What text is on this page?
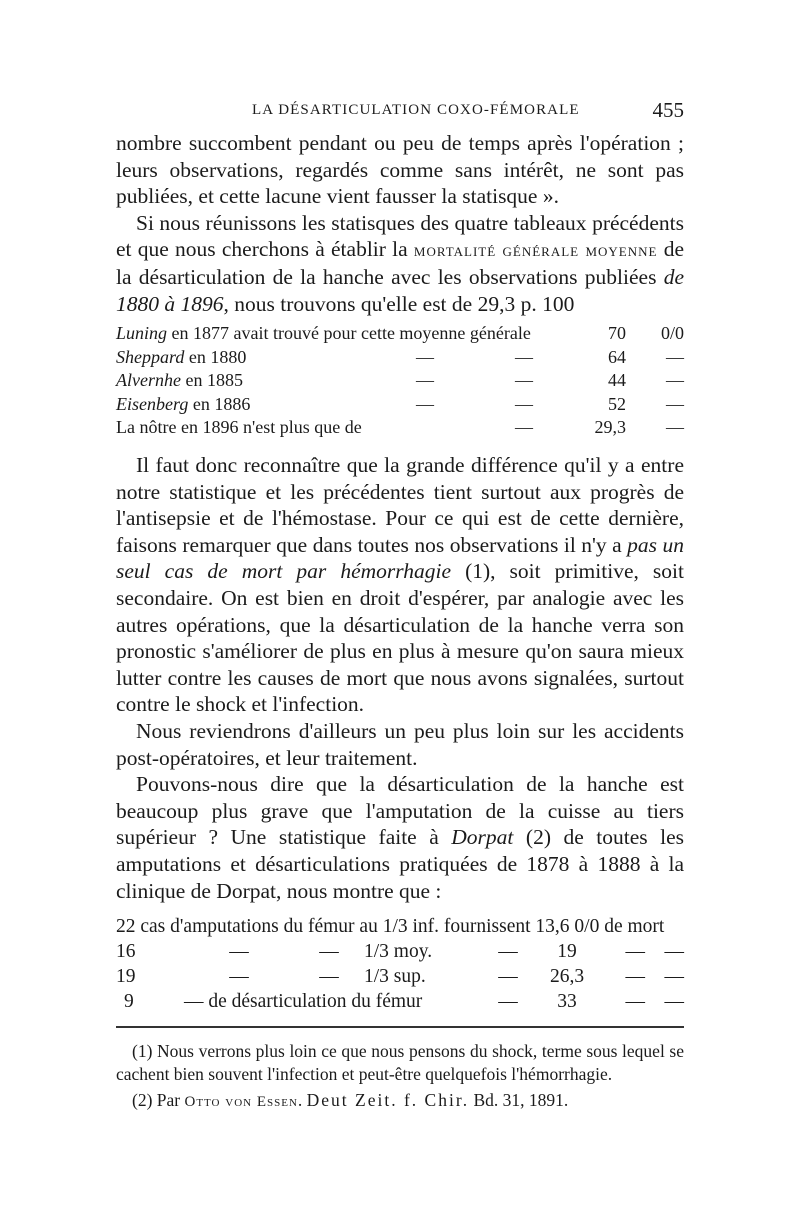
LA DÉSARTICULATION COXO-FÉMORALE	455

nombre succombent pendant ou peu de temps après l'opération ; leurs observations, regardés comme sans intérêt, ne sont pas publiées, et cette lacune vient fausser la statisque ».

Si nous réunissons les statisques des quatre tableaux précédents et que nous cherchons à établir la mortalité générale moyenne de la désarticulation de la hanche avec les observations publiées de 1880 à 1896, nous trouvons qu'elle est de 29,3 p. 100

Luning en 1877 avait trouvé pour cette moyenne générale			70	0/0
Sheppard en 1880	—	—	64	—
Alvernhe en 1885	—	—	44	—
Eisenberg en 1886	—	—	52	—
La nôtre en 1896 n'est plus que de		—	29,3	—

Il faut donc reconnaître que la grande différence qu'il y a entre notre statistique et les précédentes tient surtout aux progrès de l'antisepsie et de l'hémostase. Pour ce qui est de cette dernière, faisons remarquer que dans toutes nos observations il n'y a pas un seul cas de mort par hémorrhagie (1), soit primitive, soit secondaire. On est bien en droit d'espérer, par analogie avec les autres opérations, que la désarticulation de la hanche verra son pronostic s'améliorer de plus en plus à mesure qu'on saura mieux lutter contre les causes de mort que nous avons signalées, surtout contre le shock et l'infection.

Nous reviendrons d'ailleurs un peu plus loin sur les accidents post-opératoires, et leur traitement.

Pouvons-nous dire que la désarticulation de la hanche est beaucoup plus grave que l'amputation de la cuisse au tiers supérieur ? Une statistique faite à Dorpat (2) de toutes les amputations et désarticulations pratiquées de 1878 à 1888 à la clinique de Dorpat, nous montre que :

22 cas d'amputations du fémur au 1/3 inf. fournissent 13,6 0/0 de mort						
16	—	—	1/3 moy.	—	19	— —
19	—	—	1/3 sup.	—	26,3	— —
9	— de désarticulation du fémur			—	33	— —

(1) Nous verrons plus loin ce que nous pensons du shock, terme sous lequel se cachent bien souvent l'infection et peut-être quelquefois l'hémorrhagie.

(2) Par Otto von Essen. Deut Zeit. f. Chir. Bd. 31, 1891.
